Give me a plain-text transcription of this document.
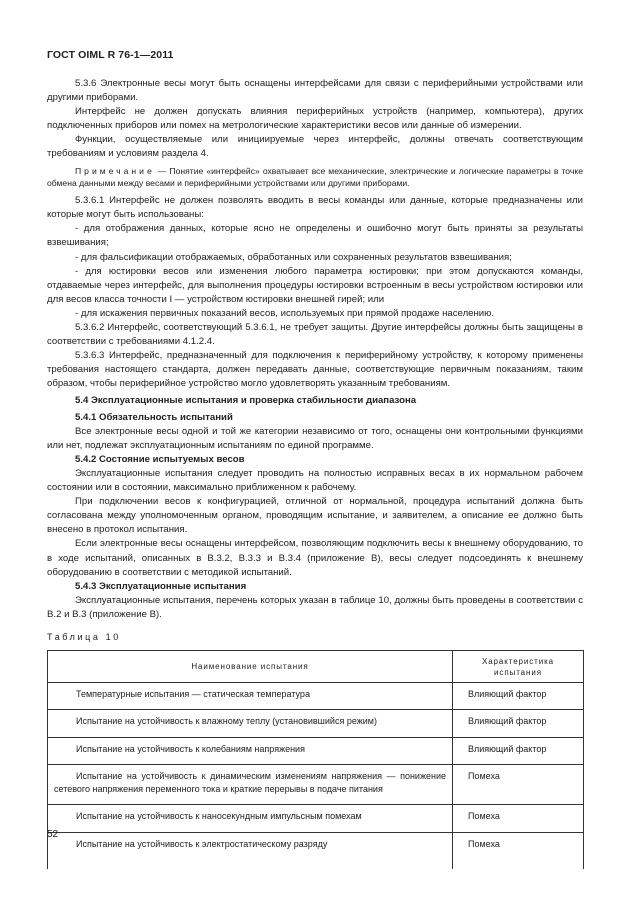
ГОСТ OIML R 76-1—2011

5.3.6 Электронные весы могут быть оснащены интерфейсами для связи с периферийными устройствами или другими приборами.

Интерфейс не должен допускать влияния периферийных устройств (например, компьютера), других подключенных приборов или помех на метрологические характеристики весов или данные об измерении.

Функции, осуществляемые или инициируемые через интерфейс, должны отвечать соответствующим требованиям и условиям раздела 4.

Примечание — Понятие «интерфейс» охватывает все механические, электрические и логические параметры в точке обмена данными между весами и периферийными устройствами или другими приборами.

5.3.6.1 Интерфейс не должен позволять вводить в весы команды или данные, которые предназначены или которые могут быть использованы:

- для отображения данных, которые ясно не определены и ошибочно могут быть приняты за результаты взвешивания;

- для фальсификации отображаемых, обработанных или сохраненных результатов взвешивания;

- для юстировки весов или изменения любого параметра юстировки; при этом допускаются команды, отдаваемые через интерфейс, для выполнения процедуры юстировки встроенным в весы устройством юстировки или для весов класса точности I — устройством юстировки внешней гирей; или

- для искажения первичных показаний весов, используемых при прямой продаже населению.

5.3.6.2 Интерфейс, соответствующий 5.3.6.1, не требует защиты. Другие интерфейсы должны быть защищены в соответствии с требованиями 4.1.2.4.

5.3.6.3 Интерфейс, предназначенный для подключения к периферийному устройству, к которому применены требования настоящего стандарта, должен передавать данные, соответствующие первичным показаниям, таким образом, чтобы периферийное устройство могло удовлетворять указанным требованиям.

5.4 Эксплуатационные испытания и проверка стабильности диапазона

5.4.1 Обязательность испытаний

Все электронные весы одной и той же категории независимо от того, оснащены они контрольными функциями или нет, подлежат эксплуатационным испытаниям по единой программе.

5.4.2 Состояние испытуемых весов

Эксплуатационные испытания следует проводить на полностью исправных весах в их нормальном рабочем состоянии или в состоянии, максимально приближенном к рабочему.

При подключении весов к конфигурацией, отличной от нормальной, процедура испытаний должна быть согласована между уполномоченным органом, проводящим испытание, и заявителем, а описание ее должно быть внесено в протокол испытания.

Если электронные весы оснащены интерфейсом, позволяющим подключить весы к внешнему оборудованию, то в ходе испытаний, описанных в В.3.2, В.3.3 и В.3.4 (приложение В), весы следует подсоединять к внешнему оборудованию в соответствии с методикой испытаний.

5.4.3 Эксплуатационные испытания

Эксплуатационные испытания, перечень которых указан в таблице 10, должны быть проведены в соответствии с В.2 и В.3 (приложение В).

Таблица 10
Наименование испытания	Характеристика испытания
Температурные испытания — статическая температура	Влияющий фактор
Испытание на устойчивость к влажному теплу (установившийся режим)	Влияющий фактор
Испытание на устойчивость к колебаниям напряжения	Влияющий фактор
Испытание на устойчивость к динамическим изменениям напряжения — понижение сетевого напряжения переменного тока и краткие перерывы в подаче питания	Помеха
Испытание на устойчивость к наносекундным импульсным помехам	Помеха
Испытание на устойчивость к электростатическому разряду	Помеха
52
